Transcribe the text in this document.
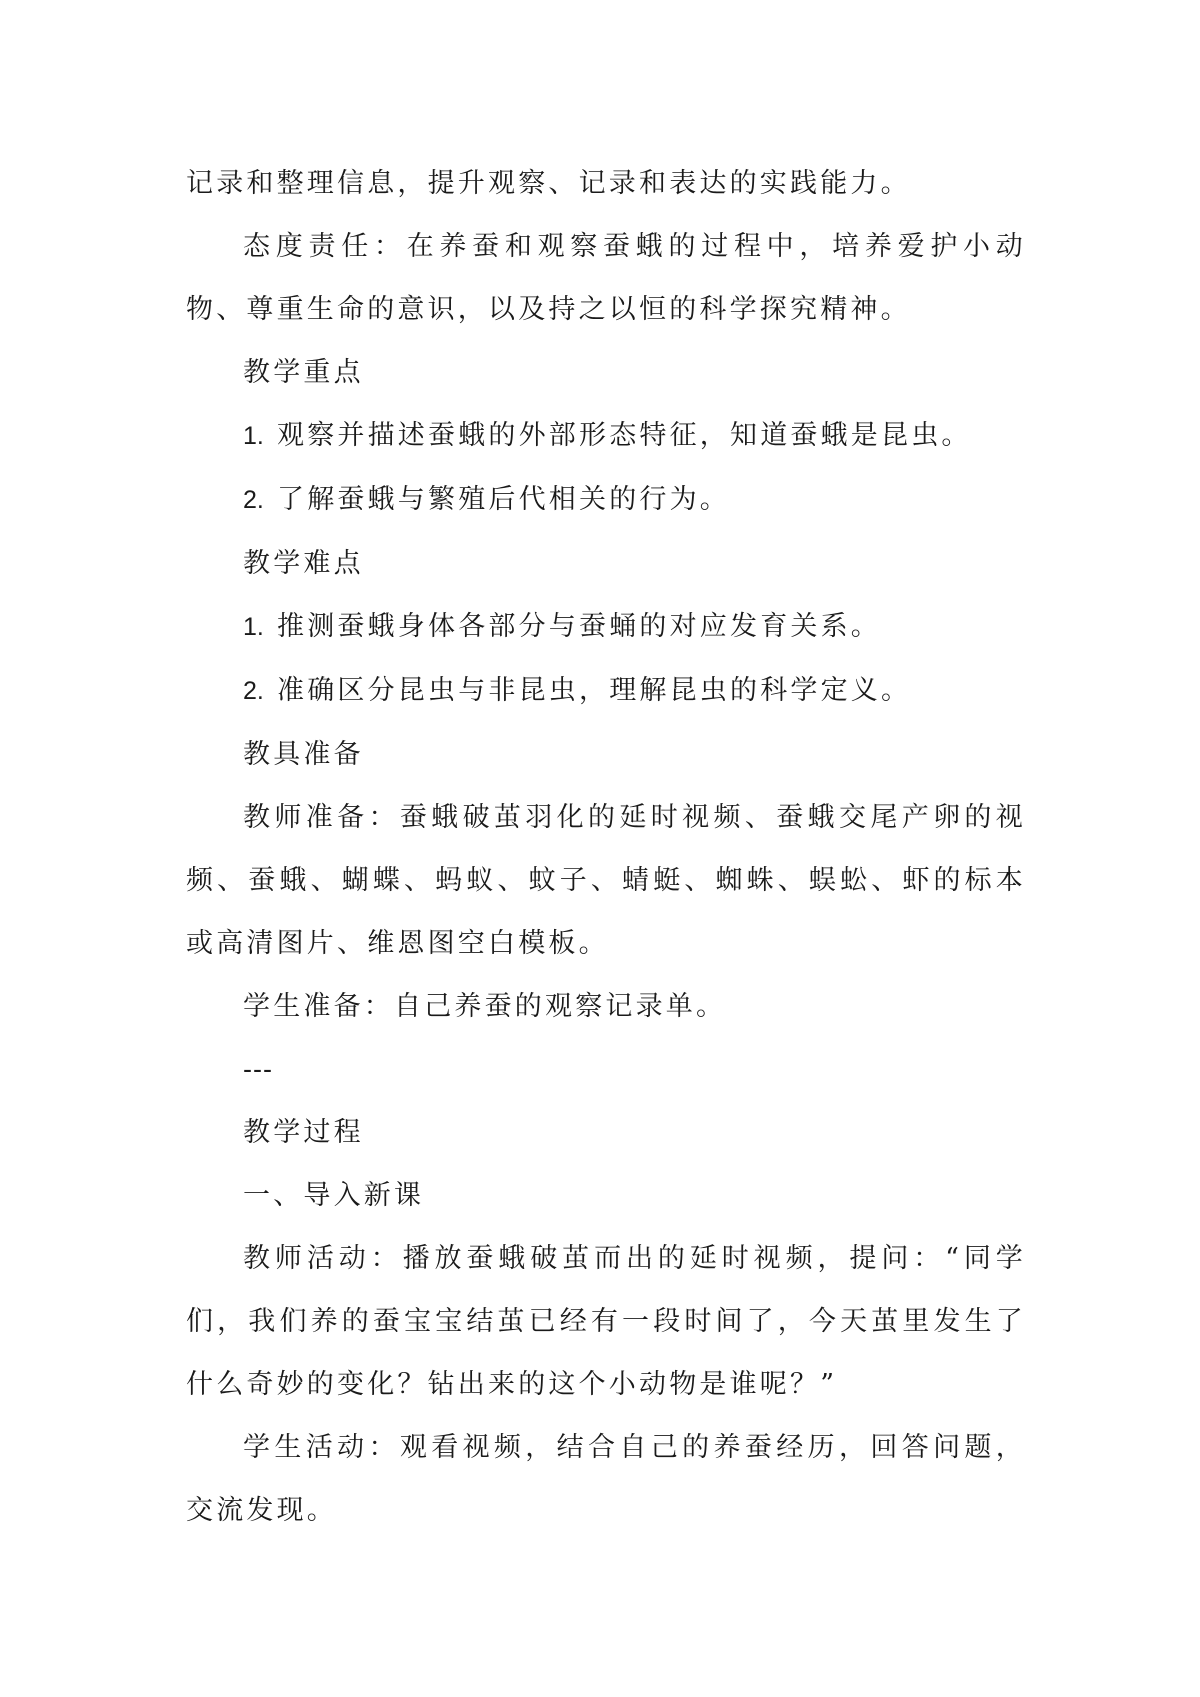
记录和整理信息，提升观察、记录和表达的实践能力。

态度责任：在养蚕和观察蚕蛾的过程中，培养爱护小动物、尊重生命的意识，以及持之以恒的科学探究精神。

教学重点

1. 观察并描述蚕蛾的外部形态特征，知道蚕蛾是昆虫。

2. 了解蚕蛾与繁殖后代相关的行为。

教学难点

1. 推测蚕蛾身体各部分与蚕蛹的对应发育关系。

2. 准确区分昆虫与非昆虫，理解昆虫的科学定义。

教具准备

教师准备：蚕蛾破茧羽化的延时视频、蚕蛾交尾产卵的视频、蚕蛾、蝴蝶、蚂蚁、蚊子、蜻蜓、蜘蛛、蜈蚣、虾的标本或高清图片、维恩图空白模板。

学生准备：自己养蚕的观察记录单。

---

教学过程

一、导入新课

教师活动：播放蚕蛾破茧而出的延时视频，提问：“同学们，我们养的蚕宝宝结茧已经有一段时间了，今天茧里发生了什么奇妙的变化？钻出来的这个小动物是谁呢？”

学生活动：观看视频，结合自己的养蚕经历，回答问题，交流发现。
